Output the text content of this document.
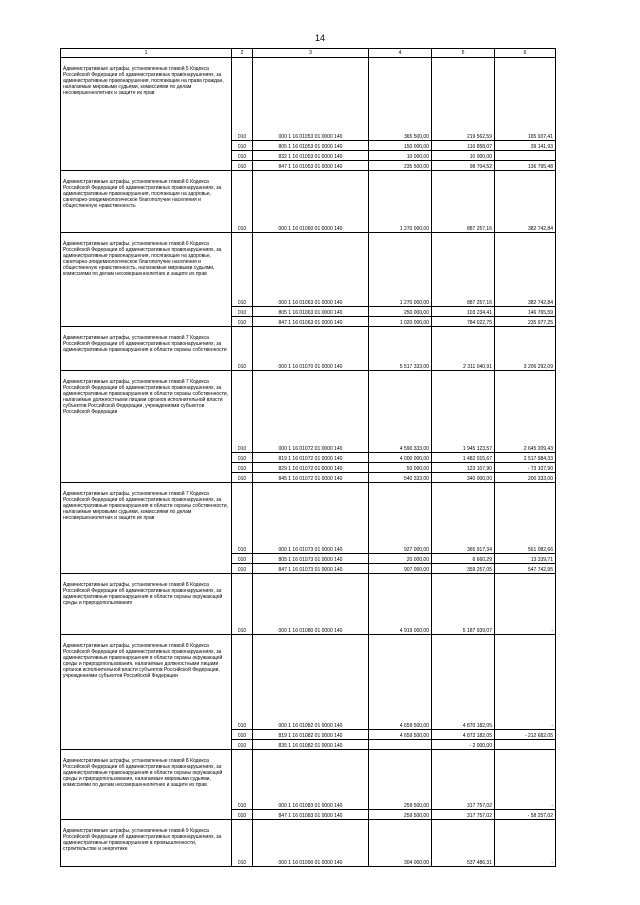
14
1	2	3	4	5	6
Административные штрафы, установленные главой 5 Кодекса Российской Федерации об административных правонарушениях, за административные правонарушения, посягающие на права граждан, налагаемые мировыми судьями, комиссиями по делам несовершеннолетних и защите их прав	010	000 1 16 01053 01 0000 140	365 500,00	219 562,59	165 937,41
	010	805 1 16 01053 01 0000 140	150 000,00	110 858,07	39 141,93
	010	832 1 16 01053 01 0000 140	10 000,00	10 000,00	
	010	847 1 16 01053 01 0000 140	235 500,00	98 704,52	136 795,48
Административные штрафы, установленные главой 6 Кодекса Российской Федерации об административных правонарушениях, за административные правонарушения, посягающие на здоровье, санитарно-эпидемиологическое благополучие населения и общественную нравственность	010	000 1 16 01060 01 0000 140	1 270 000,00	887 257,16	382 742,84
Административные штрафы, установленные главой 6 Кодекса Российской Федерации об административных правонарушениях, за административные правонарушения, посягающие на здоровье, санитарно-эпидемиологическое благополучие населения и общественную нравственность, налагаемые мировыми судьями, комиссиями по делам несовершеннолетних и защите их прав	010	000 1 16 01063 01 0000 140	1 270 000,00	887 257,16	382 742,84
	010	805 1 16 01063 01 0000 140	250 000,00	103 234,41	146 765,59
	010	847 1 16 01063 01 0000 140	1 020 000,00	784 022,75	235 977,25
Административные штрафы, установленные главой 7 Кодекса Российской Федерации об административных правонарушениях, за административные правонарушения в области охраны собственности	010	000 1 16 01070 01 0000 140	5 517 333,00	2 311 040,91	3 206 292,09
Административные штрафы, установленные главой 7 Кодекса Российской Федерации об административных правонарушениях, за административные правонарушения в области охраны собственности, налагаемые должностными лицами органов исполнительной власти субъектов Российской Федерации, учреждениями субъектов Российской Федерации	010	000 1 16 01072 01 0000 140	4 590 333,00	1 945 123,57	2 645 209,43
	010	819 1 16 01072 01 0000 140	4 000 000,00	1 482 015,67	2 517 984,33
	010	829 1 16 01072 01 0000 140	50 000,00	123 107,90	- 73 107,90
	010	845 1 16 01072 01 0000 140	540 333,00	340 000,00	200 333,00
Административные штрафы, установленные главой 7 Кодекса Российской Федерации об административных правонарушениях, за административные правонарушения в области охраны собственности, налагаемые мировыми судьями, комиссиями по делам несовершеннолетних и защите их прав	010	000 1 16 01073 01 0000 140	927 000,00	365 917,34	561 082,66
	010	805 1 16 01073 01 0000 140	20 000,00	6 660,29	13 339,71
	010	847 1 16 01073 01 0000 140	907 000,00	359 257,05	547 742,95
Административные штрафы, установленные главой 8 Кодекса Российской Федерации об административных правонарушениях, за административные правонарушения в области охраны окружающей среды и природопользования	010	000 1 16 01080 01 0000 140	4 919 000,00	5 187 939,07	-
Административные штрафы, установленные главой 8 Кодекса Российской Федерации об административных правонарушениях, за административные правонарушения в области охраны окружающей среды и природопользования, налагаемые должностными лицами органов исполнительной власти субъектов Российской Федерации, учреждениями субъектов Российской Федерации	010	000 1 16 01082 01 0000 140	4 659 500,00	4 870 182,05	-
	010	819 1 16 01082 01 0000 140	4 659 500,00	4 872 182,05	- 212 682,05
	010	835 1 16 01082 01 0000 140		- 2 000,00	
Административные штрафы, установленные главой 8 Кодекса Российской Федерации об административных правонарушениях, за административные правонарушения в области охраны окружающей среды и природопользования, налагаемые мировыми судьями, комиссиями по делам несовершеннолетних и защите их прав	010	000 1 16 01083 01 0000 140	259 500,00	317 757,02	-
	010	847 1 16 01083 01 0000 140	259 500,00	317 757,02	- 58 257,02
Административные штрафы, установленные главой 9 Кодекса Российской Федерации об административных правонарушениях, за административные правонарушения в промышленности, строительстве и энергетике	010	000 1 16 01090 01 0000 140	304 000,00	537 486,31	-
